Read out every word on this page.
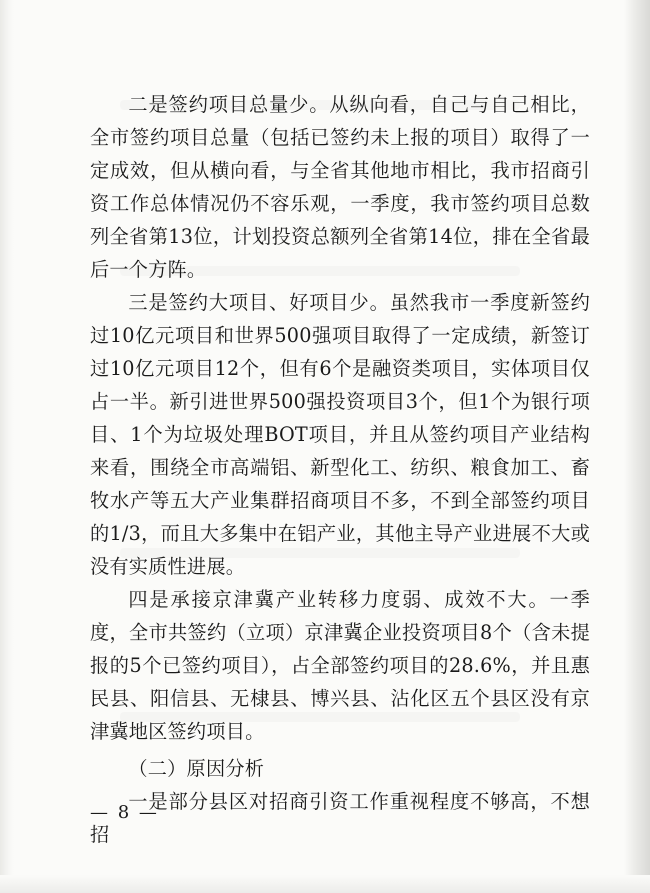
二是签约项目总量少。从纵向看，自己与自己相比，全市签约项目总量（包括已签约未上报的项目）取得了一定成效，但从横向看，与全省其他地市相比，我市招商引资工作总体情况仍不容乐观，一季度，我市签约项目总数列全省第13位，计划投资总额列全省第14位，排在全省最后一个方阵。

三是签约大项目、好项目少。虽然我市一季度新签约过10亿元项目和世界500强项目取得了一定成绩，新签订过10亿元项目12个，但有6个是融资类项目，实体项目仅占一半。新引进世界500强投资项目3个，但1个为银行项目、1个为垃圾处理BOT项目，并且从签约项目产业结构来看，围绕全市高端铝、新型化工、纺织、粮食加工、畜牧水产等五大产业集群招商项目不多，不到全部签约项目的1/3，而且大多集中在铝产业，其他主导产业进展不大或没有实质性进展。

四是承接京津冀产业转移力度弱、成效不大。一季度，全市共签约（立项）京津冀企业投资项目8个（含未提报的5个已签约项目），占全部签约项目的28.6%，并且惠民县、阳信县、无棣县、博兴县、沾化区五个县区没有京津冀地区签约项目。

（二）原因分析

一是部分县区对招商引资工作重视程度不够高，不想招

— 8 —
